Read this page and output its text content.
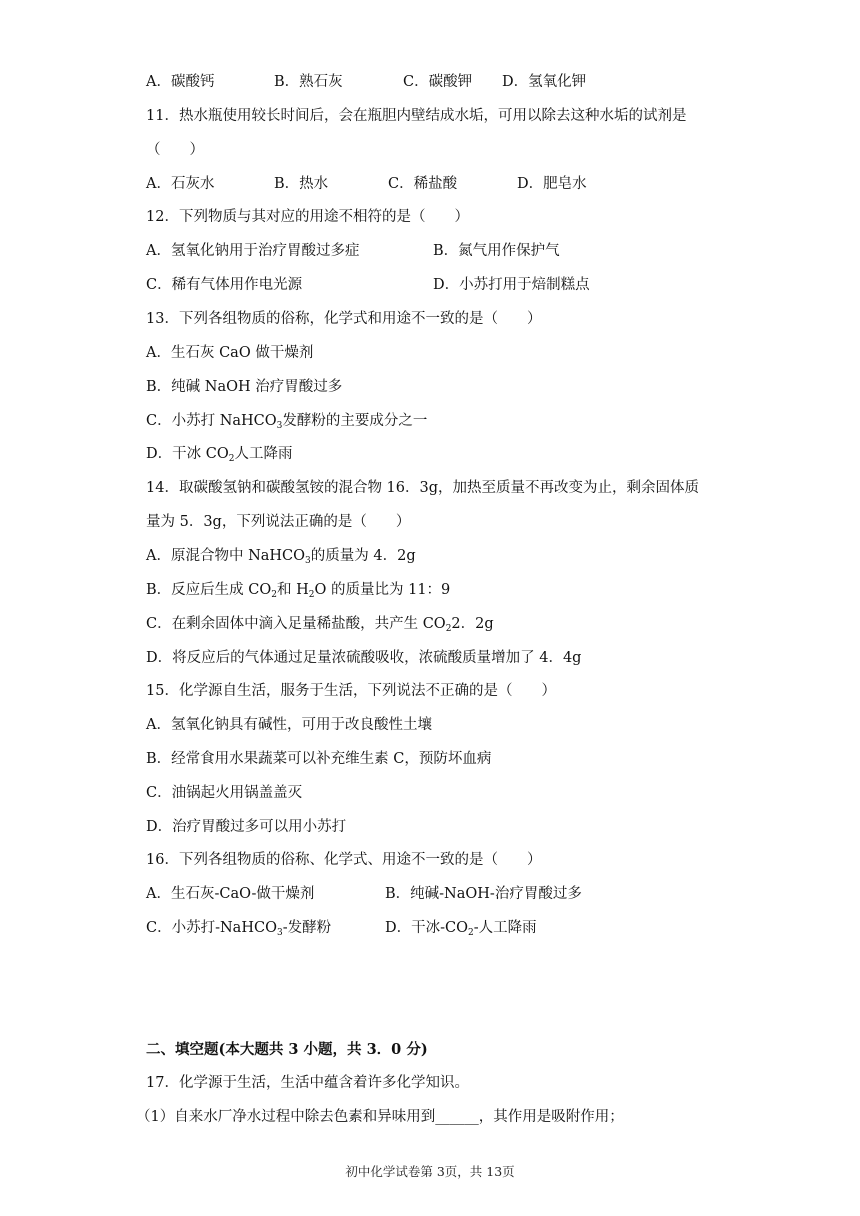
A．碳酸钙	B．熟石灰	C．碳酸钾 D．氢氧化钾
11．热水瓶使用较长时间后，会在瓶胆内壁结成水垢，可用以除去这种水垢的试剂是
（　　）
A．石灰水	B．热水	C．稀盐酸	D．肥皂水
12．下列物质与其对应的用途不相符的是（　　）
A．氢氧化钠用于治疗胃酸过多症	B．氮气用作保护气
C．稀有气体用作电光源	D．小苏打用于焙制糕点
13．下列各组物质的俗称，化学式和用途不一致的是（　　）
A．生石灰 CaO 做干燥剂
B．纯碱 NaOH 治疗胃酸过多
C．小苏打 NaHCO$_3$发酵粉的主要成分之一
D．干冰 $CO_2$人工降雨
14．取碳酸氢钠和碳酸氢铵的混合物 16．3g，加热至质量不再改变为止，剩余固体质
量为 5．3g，下列说法正确的是（　　）
A．原混合物中 NaHCO$_3$的质量为 4．2g
B．反应后生成 $CO_2$和 $H_2O$ 的质量比为 11：9
C．在剩余固体中滴入足量稀盐酸，共产生 $CO_22$．2g
D．将反应后的气体通过足量浓硫酸吸收，浓硫酸质量增加了 4．4g
15．化学源自生活，服务于生活，下列说法不正确的是（　　）
A．氢氧化钠具有碱性，可用于改良酸性土壤
B．经常食用水果蔬菜可以补充维生素 C，预防坏血病
C．油锅起火用锅盖盖灭
D．治疗胃酸过多可以用小苏打
16．下列各组物质的俗称、化学式、用途不一致的是（　　）
A．生石灰-CaO-做干燥剂	B．纯碱-NaOH-治疗胃酸过多
C．小苏打-NaHCO$_3$-发酵粉	D．干冰$-CO_2-$人工降雨
二、填空题(本大题共 3 小题，共 3．0 分)
17．化学源于生活，生活中蕴含着许多化学知识。
（1）自来水厂净水过程中除去色素和异味用到______，其作用是吸附作用；
初中化学试卷第 3页，共 13页
